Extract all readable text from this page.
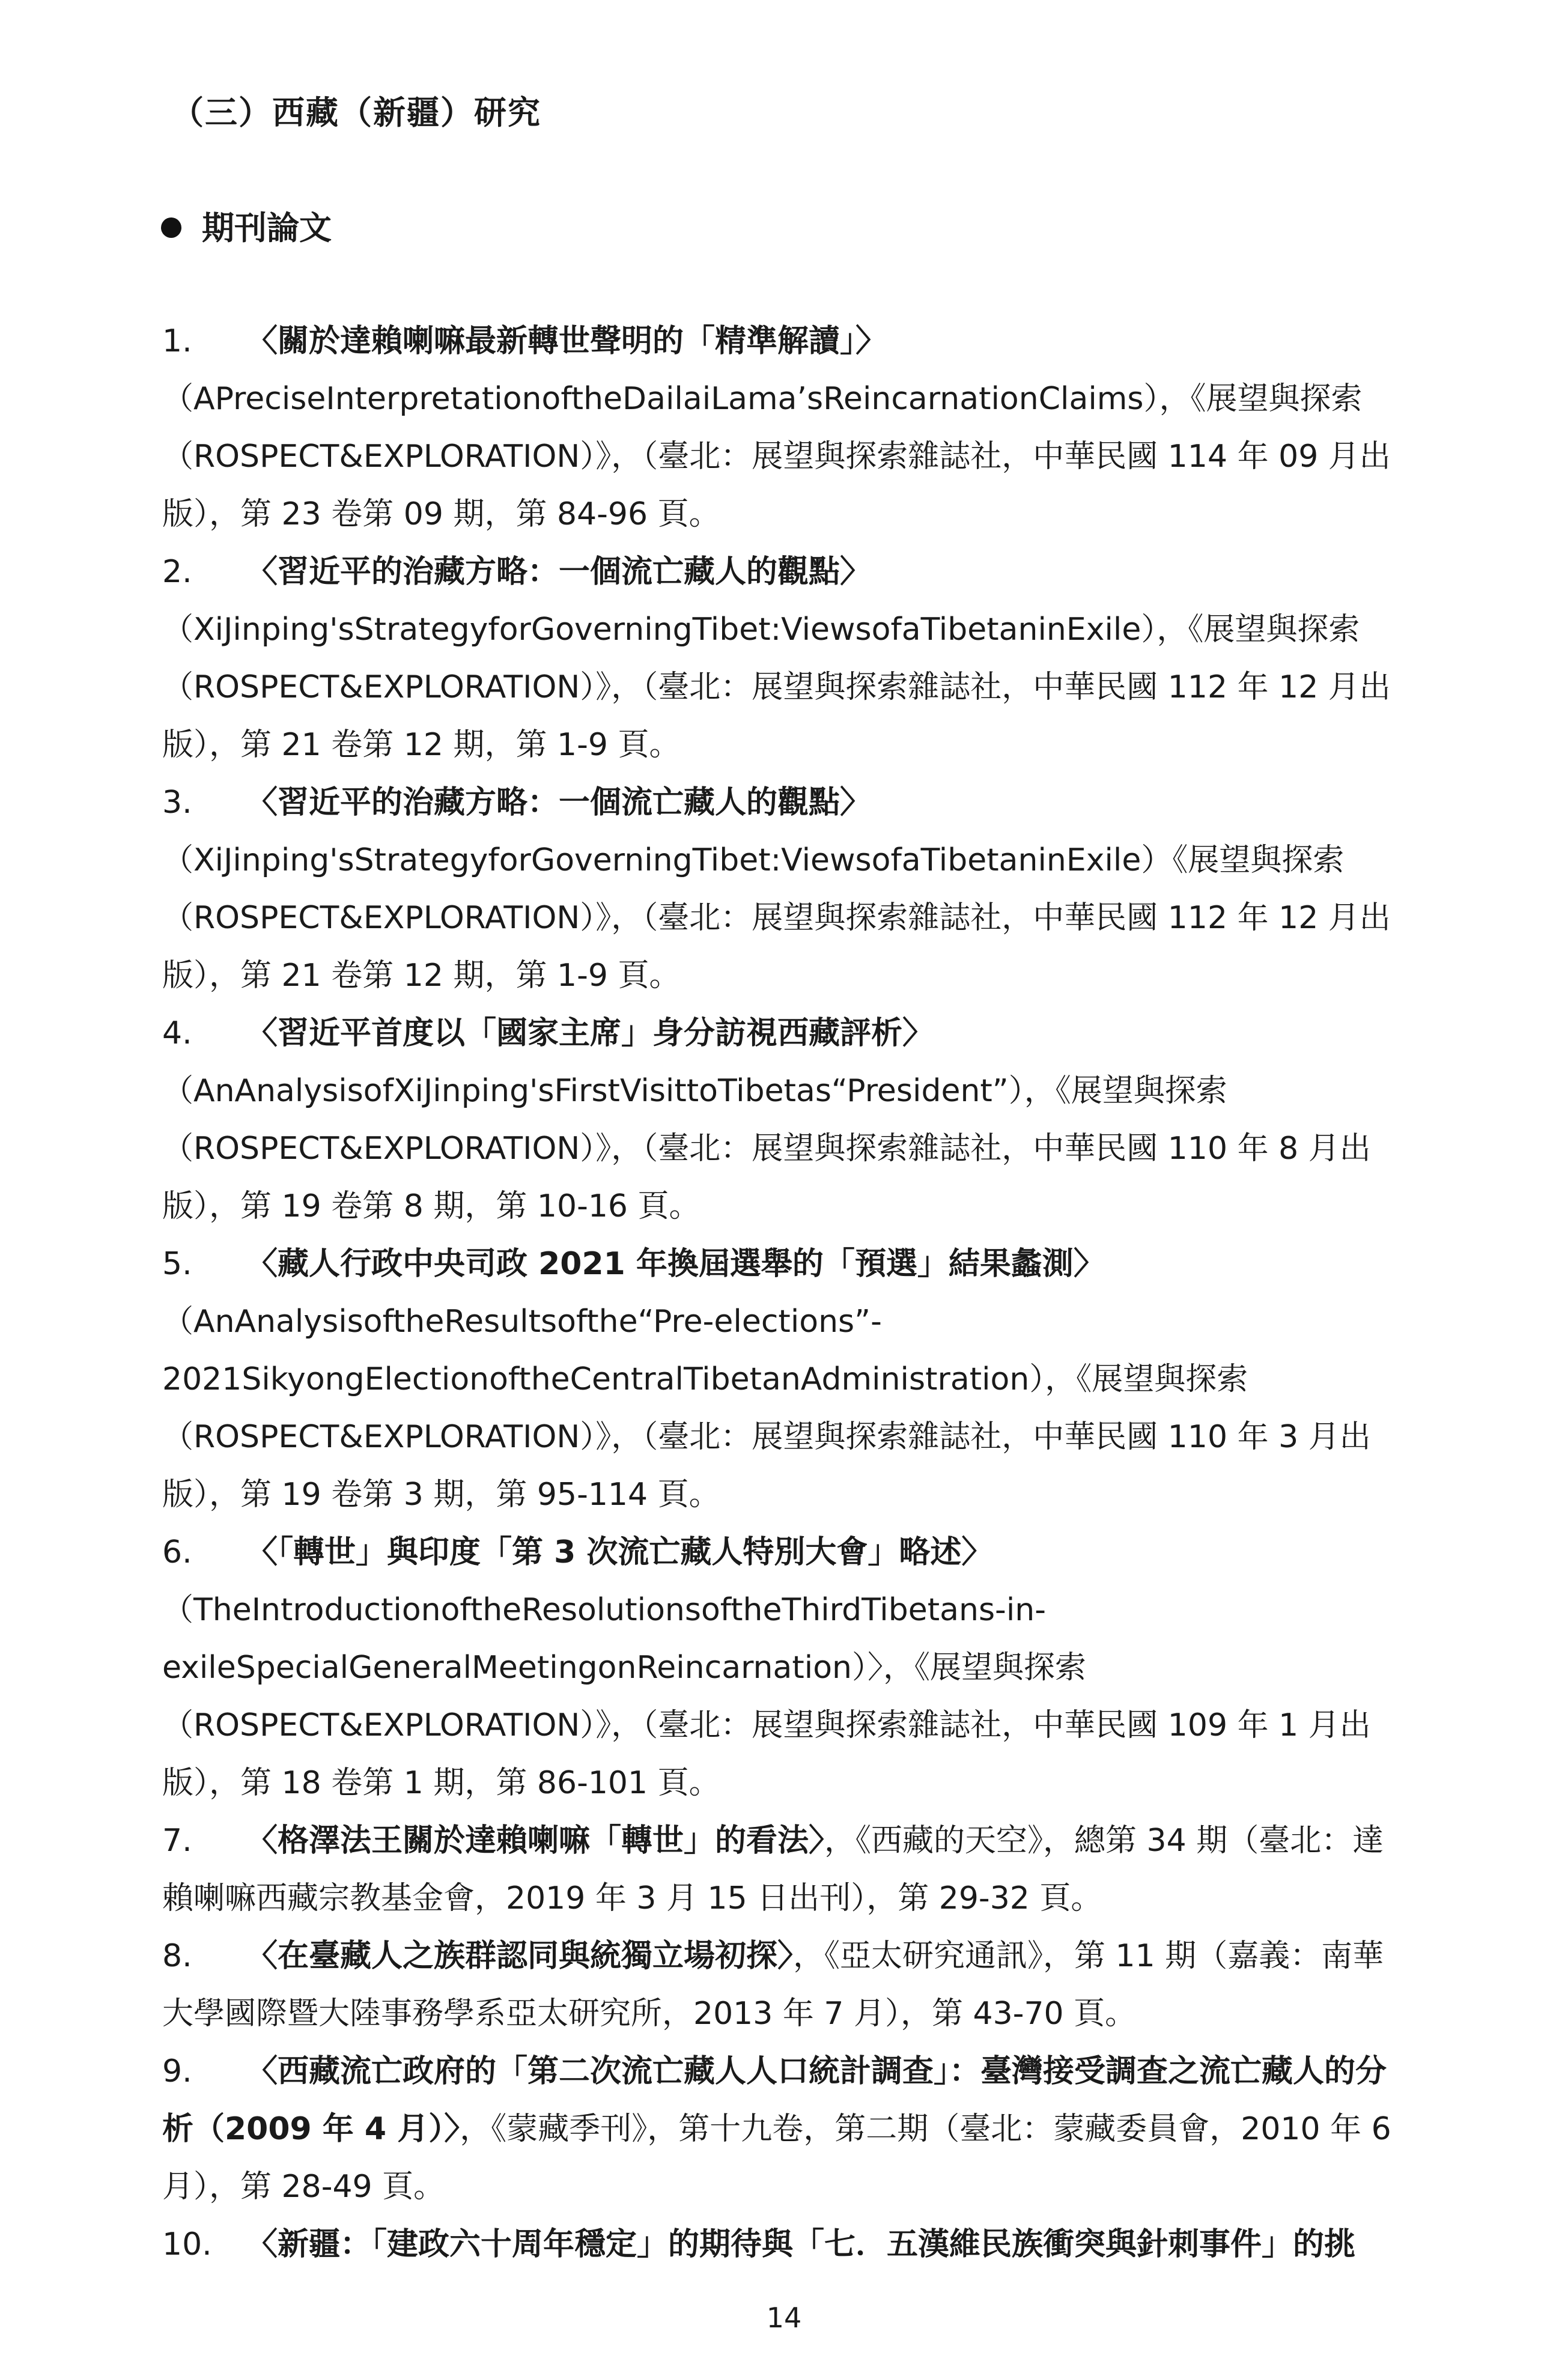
（三）西藏（新疆）研究
期刊論文
1. 〈關於達賴喇嘛最新轉世聲明的「精準解讀」〉
（APreciseInterpretationoftheDailaiLama’sReincarnationClaims），《展望與探索
（ROSPECT&EXPLORATION）》，（臺北：展望與探索雜誌社，中華民國 114 年 09 月出
版），第 23 卷第 09 期，第 84-96 頁。
2. 〈習近平的治藏方略：一個流亡藏人的觀點〉
（XiJinping'sStrategyforGoverningTibet:ViewsofaTibetaninExile），《展望與探索
（ROSPECT&EXPLORATION）》，（臺北：展望與探索雜誌社，中華民國 112 年 12 月出
版），第 21 卷第 12 期，第 1-9 頁。
3. 〈習近平的治藏方略：一個流亡藏人的觀點〉
（XiJinping'sStrategyforGoverningTibet:ViewsofaTibetaninExile）《展望與探索
（ROSPECT&EXPLORATION）》，（臺北：展望與探索雜誌社，中華民國 112 年 12 月出
版），第 21 卷第 12 期，第 1-9 頁。
4. 〈習近平首度以「國家主席」身分訪視西藏評析〉
（AnAnalysisofXiJinping'sFirstVisittoTibetas“President”），《展望與探索
（ROSPECT&EXPLORATION）》，（臺北：展望與探索雜誌社，中華民國 110 年 8 月出
版），第 19 卷第 8 期，第 10-16 頁。
5. 〈藏人行政中央司政 2021 年換屆選舉的「預選」結果蠡測〉
（AnAnalysisoftheResultsofthe“Pre-elections”-
2021SikyongElectionoftheCentralTibetanAdministration），《展望與探索
（ROSPECT&EXPLORATION）》，（臺北：展望與探索雜誌社，中華民國 110 年 3 月出
版），第 19 卷第 3 期，第 95-114 頁。
6. 〈「轉世」與印度「第 3 次流亡藏人特別大會」略述〉
（TheIntroductionoftheResolutionsoftheThirdTibetans-in-
exileSpecialGeneralMeetingonReincarnation）〉，《展望與探索
（ROSPECT&EXPLORATION）》，（臺北：展望與探索雜誌社，中華民國 109 年 1 月出
版），第 18 卷第 1 期，第 86-101 頁。
7. 〈格澤法王關於達賴喇嘛「轉世」的看法〉，《西藏的天空》，總第 34 期（臺北：達
賴喇嘛西藏宗教基金會，2019 年 3 月 15 日出刊），第 29-32 頁。
8. 〈在臺藏人之族群認同與統獨立場初探〉，《亞太研究通訊》，第 11 期（嘉義：南華
大學國際暨大陸事務學系亞太研究所，2013 年 7 月），第 43-70 頁。
9. 〈西藏流亡政府的「第二次流亡藏人人口統計調查」：臺灣接受調查之流亡藏人的分
析（2009 年 4 月）〉，《蒙藏季刊》，第十九卷，第二期（臺北：蒙藏委員會，2010 年 6
月），第 28-49 頁。
10. 〈新疆：「建政六十周年穩定」的期待與「七．五漢維民族衝突與針刺事件」的挑
14
